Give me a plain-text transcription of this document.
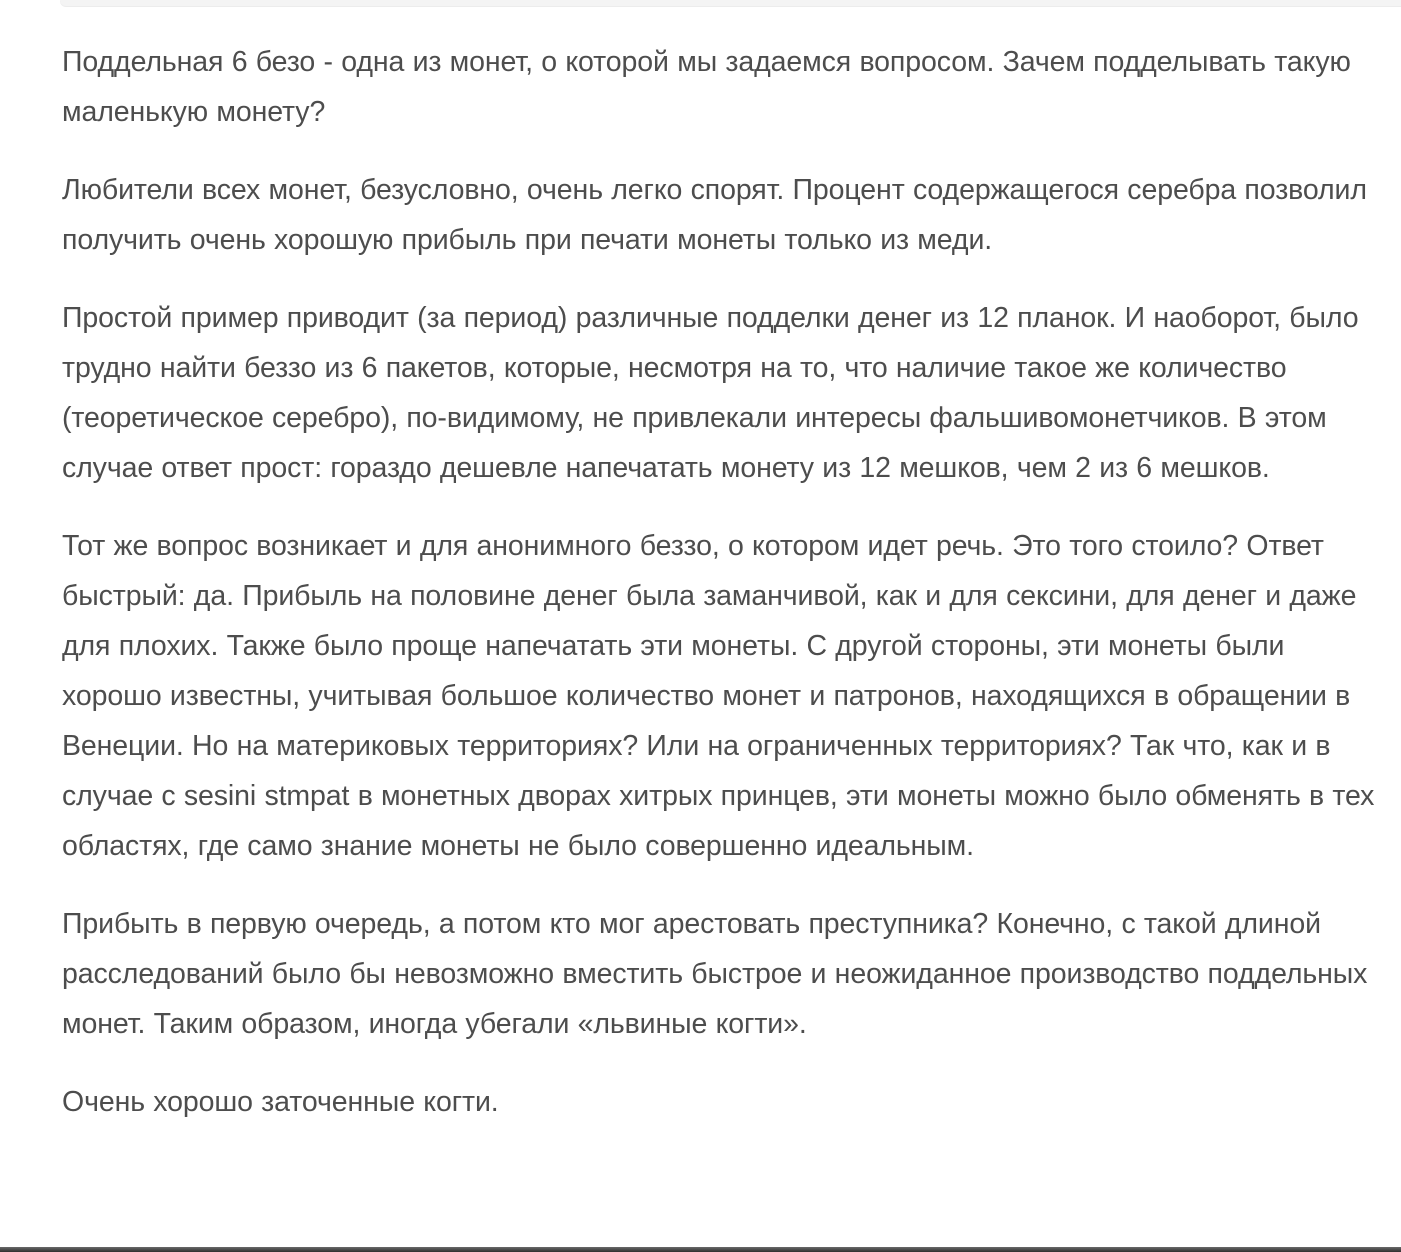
Поддельная 6 безо - одна из монет, о которой мы задаемся вопросом. Зачем подделывать такую маленькую монету?

Любители всех монет, безусловно, очень легко спорят. Процент содержащегося серебра позволил получить очень хорошую прибыль при печати монеты только из меди.

Простой пример приводит (за период) различные подделки денег из 12 планок. И наоборот, было трудно найти беззо из 6 пакетов, которые, несмотря на то, что наличие такое же количество (теоретическое серебро), по-видимому, не привлекали интересы фальшивомонетчиков. В этом случае ответ прост: гораздо дешевле напечатать монету из 12 мешков, чем 2 из 6 мешков.

Тот же вопрос возникает и для анонимного беззо, о котором идет речь. Это того стоило? Ответ быстрый: да. Прибыль на половине денег была заманчивой, как и для сексини, для денег и даже для плохих. Также было проще напечатать эти монеты. С другой стороны, эти монеты были хорошо известны, учитывая большое количество монет и патронов, находящихся в обращении в Венеции. Но на материковых территориях? Или на ограниченных территориях? Так что, как и в случае с sesini stmpat в монетных дворах хитрых принцев, эти монеты можно было обменять в тех областях, где само знание монеты не было совершенно идеальным.

Прибыть в первую очередь, а потом кто мог арестовать преступника? Конечно, с такой длиной расследований было бы невозможно вместить быстрое и неожиданное производство поддельных монет. Таким образом, иногда убегали «львиные когти».

Очень хорошо заточенные когти.
